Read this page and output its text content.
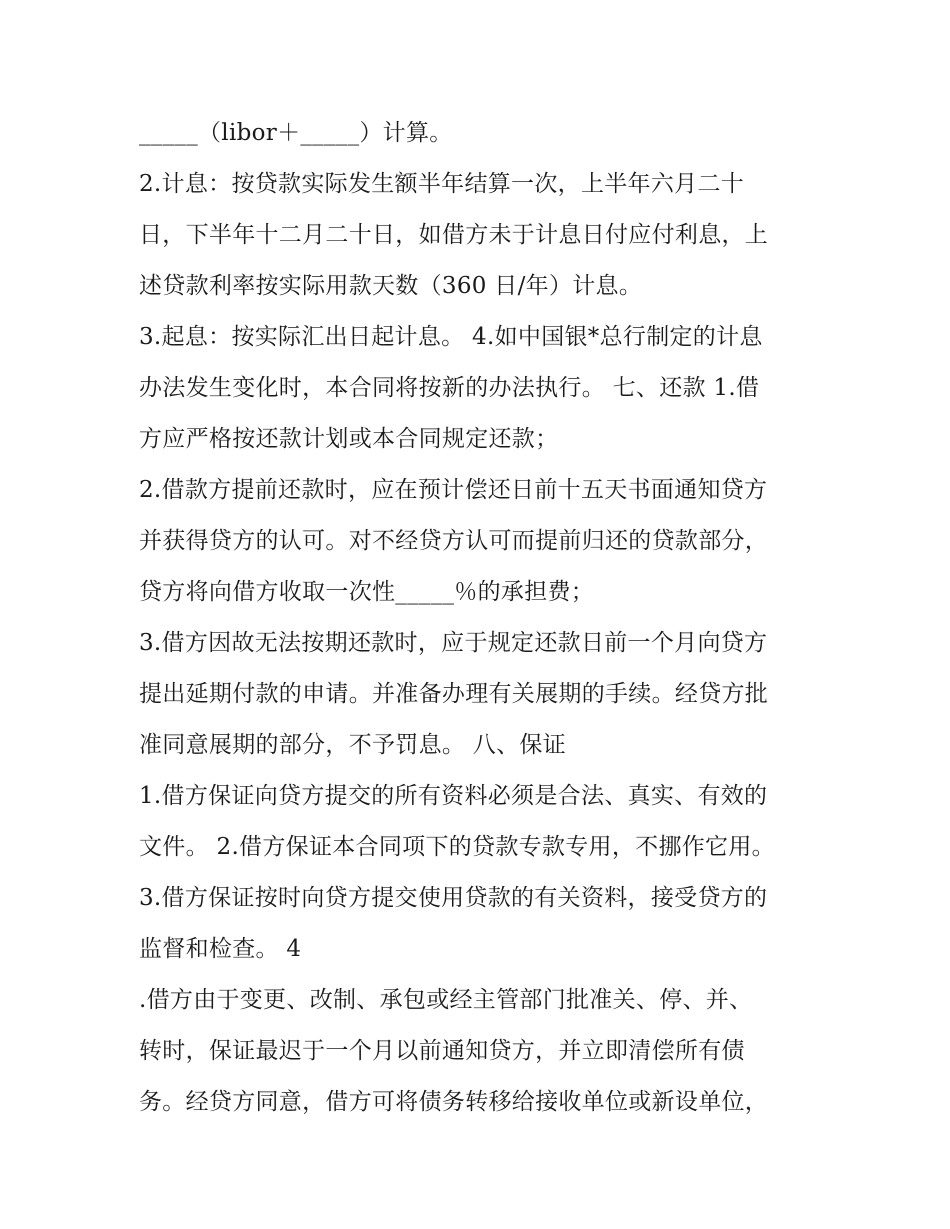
_____（libor＋_____）计算。
2.计息：按贷款实际发生额半年结算一次，上半年六月二十
日，下半年十二月二十日，如借方未于计息日付应付利息，上
述贷款利率按实际用款天数（360 日/年）计息。
3.起息：按实际汇出日起计息。 4.如中国银*总行制定的计息
办法发生变化时，本合同将按新的办法执行。 七、还款 1.借
方应严格按还款计划或本合同规定还款；
2.借款方提前还款时，应在预计偿还日前十五天书面通知贷方
并获得贷方的认可。对不经贷方认可而提前归还的贷款部分，
贷方将向借方收取一次性_____％的承担费；
3.借方因故无法按期还款时，应于规定还款日前一个月向贷方
提出延期付款的申请。并准备办理有关展期的手续。经贷方批
准同意展期的部分，不予罚息。 八、保证
1.借方保证向贷方提交的所有资料必须是合法、真实、有效的
文件。 2.借方保证本合同项下的贷款专款专用，不挪作它用。
3.借方保证按时向贷方提交使用贷款的有关资料，接受贷方的
监督和检查。 4
.借方由于变更、改制、承包或经主管部门批准关、停、并、
转时，保证最迟于一个月以前通知贷方，并立即清偿所有债
务。经贷方同意，借方可将债务转移给接收单位或新设单位，
